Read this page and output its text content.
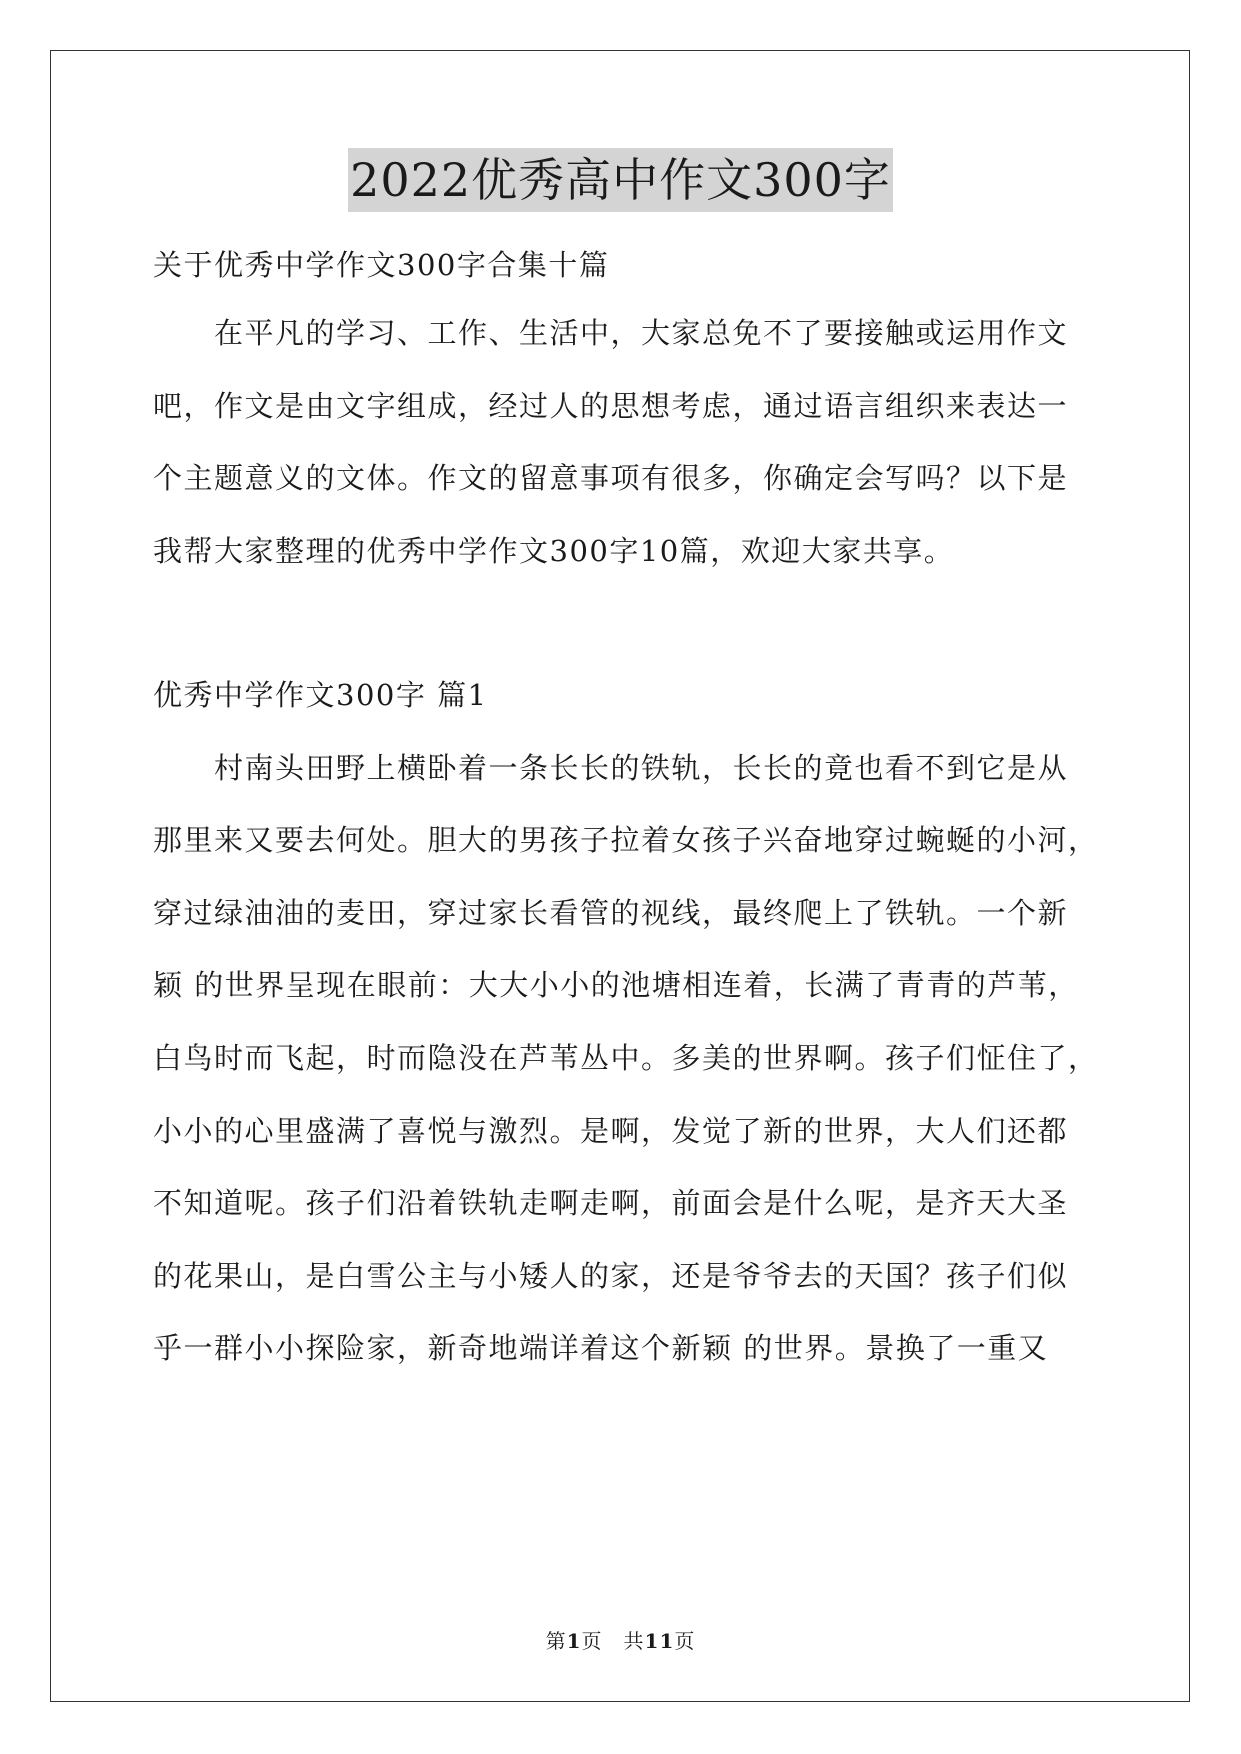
2022优秀高中作文300字
关于优秀中学作文300字合集十篇
　　在平凡的学习、工作、生活中，大家总免不了要接触或运用作文
吧，作文是由文字组成，经过人的思想考虑，通过语言组织来表达一
个主题意义的文体。作文的留意事项有很多，你确定会写吗？以下是
我帮大家整理的优秀中学作文300字10篇，欢迎大家共享。
优秀中学作文300字 篇1
　　村南头田野上横卧着一条长长的铁轨，长长的竟也看不到它是从
那里来又要去何处。胆大的男孩子拉着女孩子兴奋地穿过蜿蜒的小河，
穿过绿油油的麦田，穿过家长看管的视线，最终爬上了铁轨。一个新
颖 的世界呈现在眼前：大大小小的池塘相连着，长满了青青的芦苇，
白鸟时而飞起，时而隐没在芦苇丛中。多美的世界啊。孩子们怔住了，
小小的心里盛满了喜悦与激烈。是啊，发觉了新的世界，大人们还都
不知道呢。孩子们沿着铁轨走啊走啊，前面会是什么呢，是齐天大圣
的花果山，是白雪公主与小矮人的家，还是爷爷去的天国？孩子们似
乎一群小小探险家，新奇地端详着这个新颖 的世界。景换了一重又
第1页　共11页
